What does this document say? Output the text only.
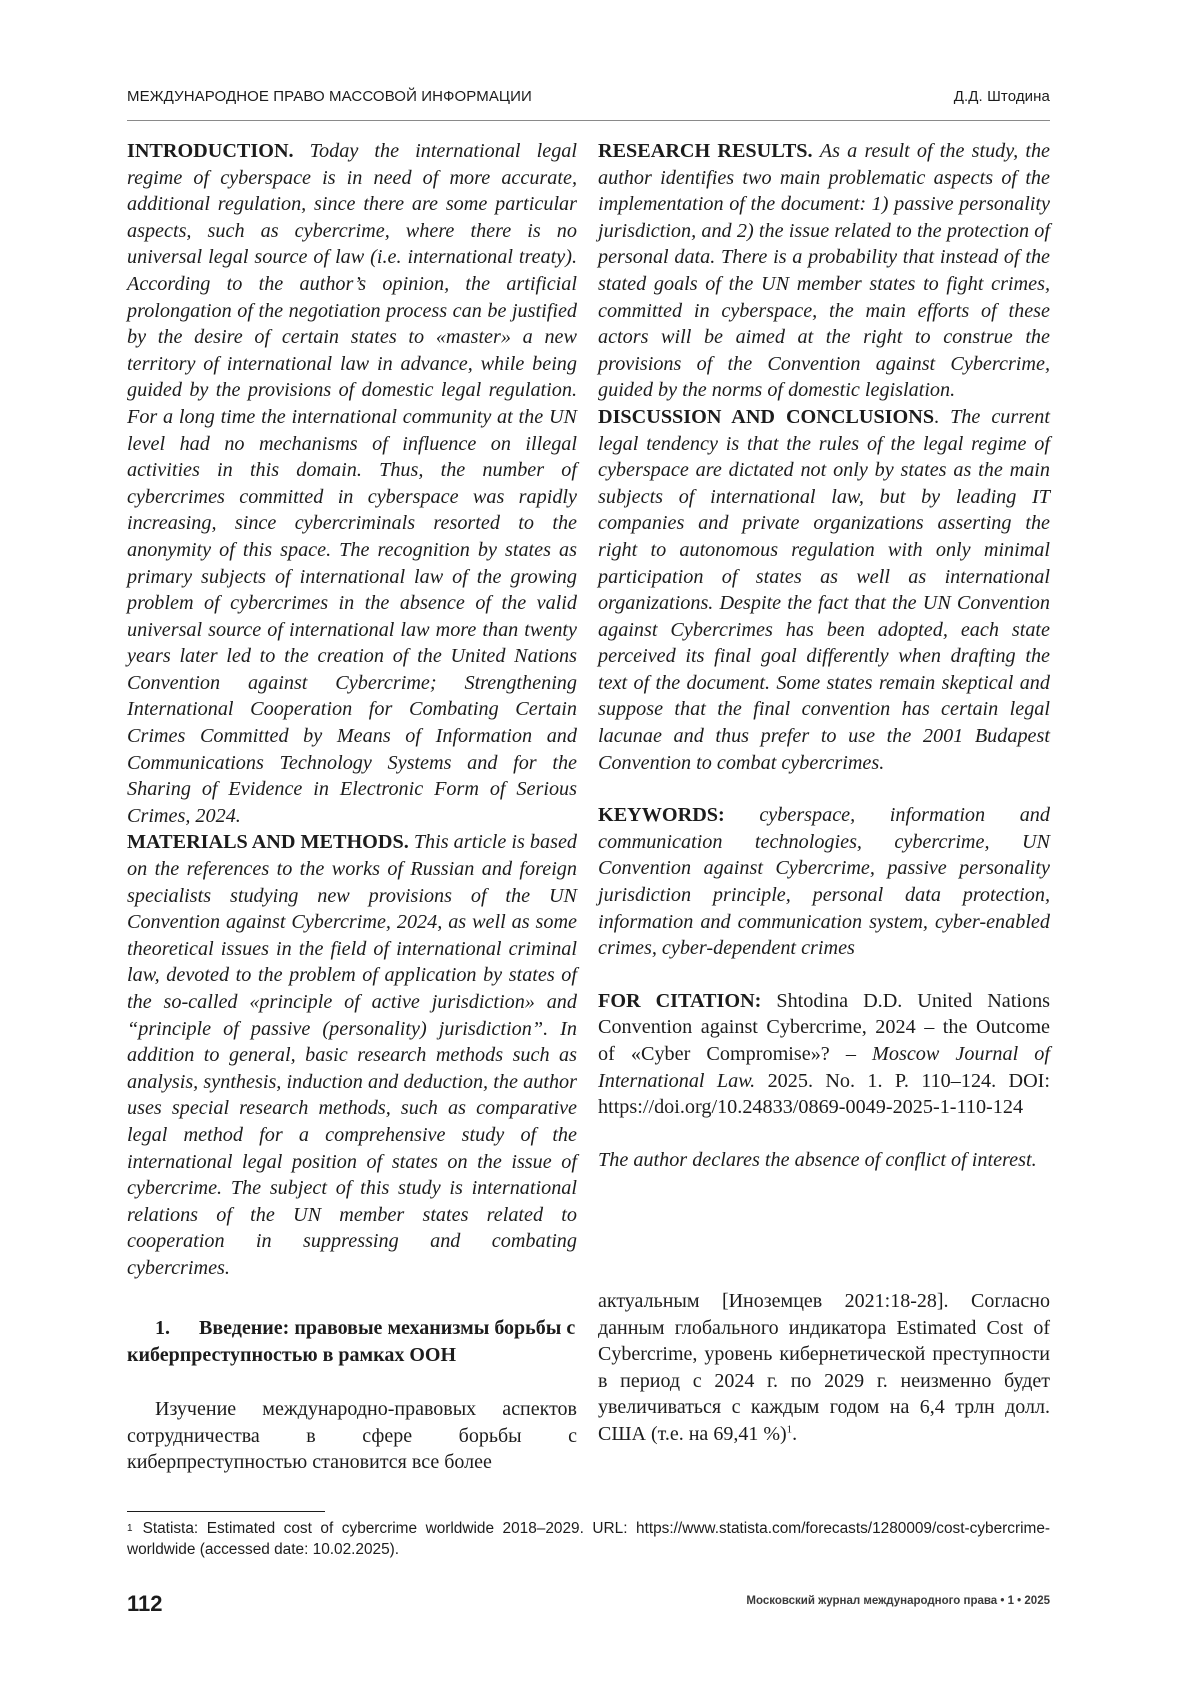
МЕЖДУНАРОДНОЕ ПРАВО МАССОВОЙ ИНФОРМАЦИИ	Д.Д. Штодина

INTRODUCTION. Today the international legal regime of cyberspace is in need of more accurate, additional regulation, since there are some particular aspects, such as cybercrime, where there is no universal legal source of law (i.e. international treaty). According to the author’s opinion, the artificial prolongation of the negotiation process can be justified by the desire of certain states to «master» a new territory of international law in advance, while being guided by the provisions of domestic legal regulation. For a long time the international community at the UN level had no mechanisms of influence on illegal activities in this domain. Thus, the number of cybercrimes committed in cyberspace was rapidly increasing, since cybercriminals resorted to the anonymity of this space. The recognition by states as primary subjects of international law of the growing problem of cybercrimes in the absence of the valid universal source of international law more than twenty years later led to the creation of the United Nations Convention against Cybercrime; Strengthening International Cooperation for Combating Certain Crimes Committed by Means of Information and Communications Technology Systems and for the Sharing of Evidence in Electronic Form of Serious Crimes, 2024.

MATERIALS AND METHODS. This article is based on the references to the works of Russian and foreign specialists studying new provisions of the UN Convention against Cybercrime, 2024, as well as some theoretical issues in the field of international criminal law, devoted to the problem of application by states of the so-called «principle of active jurisdiction» and “principle of passive (personality) jurisdiction”. In addition to general, basic research methods such as analysis, synthesis, induction and deduction, the author uses special research methods, such as comparative legal method for a comprehensive study of the international legal position of states on the issue of cybercrime. The subject of this study is international relations of the UN member states related to cooperation in suppressing and combating cybercrimes.

RESEARCH RESULTS. As a result of the study, the author identifies two main problematic aspects of the implementation of the document: 1) passive personality jurisdiction, and 2) the issue related to the protection of personal data. There is a probability that instead of the stated goals of the UN member states to fight crimes, committed in cyberspace, the main efforts of these actors will be aimed at the right to construe the provisions of the Convention against Cybercrime, guided by the norms of domestic legislation.

DISCUSSION AND CONCLUSIONS. The current legal tendency is that the rules of the legal regime of cyberspace are dictated not only by states as the main subjects of international law, but by leading IT companies and private organizations asserting the right to autonomous regulation with only minimal participation of states as well as international organizations. Despite the fact that the UN Convention against Cybercrimes has been adopted, each state perceived its final goal differently when drafting the text of the document. Some states remain skeptical and suppose that the final convention has certain legal lacunae and thus prefer to use the 2001 Budapest Convention to combat cybercrimes.

KEYWORDS: cyberspace, information and communication technologies, cybercrime, UN Convention against Cybercrime, passive personality jurisdiction principle, personal data protection, information and communication system, cyber-enabled crimes, cyber-dependent crimes

FOR CITATION: Shtodina D.D. United Nations Convention against Cybercrime, 2024 – the Outcome of «Cyber Compromise»? – Moscow Journal of International Law. 2025. No. 1. P. 110–124. DOI: https://doi.org/10.24833/0869-0049-2025-1-110-124

The author declares the absence of conflict of interest.

1. Введение: правовые механизмы борьбы с киберпреступностью в рамках ООН

Изучение международно-правовых аспектов сотрудничества в сфере борьбы с киберпреступностью становится все более

актуальным [Иноземцев 2021:18-28]. Согласно данным глобального индикатора Estimated Cost of Cybercrime, уровень кибернетической преступности в период с 2024 г. по 2029 г. неизменно будет увеличиваться с каждым годом на 6,4 трлн долл. США (т.е. на 69,41 %)$^1$.

$^1$ Statista: Estimated cost of cybercrime worldwide 2018–2029. URL: https://www.statista.com/forecasts/1280009/cost-cybercrime-worldwide (accessed date: 10.02.2025).
112	Московский журнал международного права • 1 • 2025
